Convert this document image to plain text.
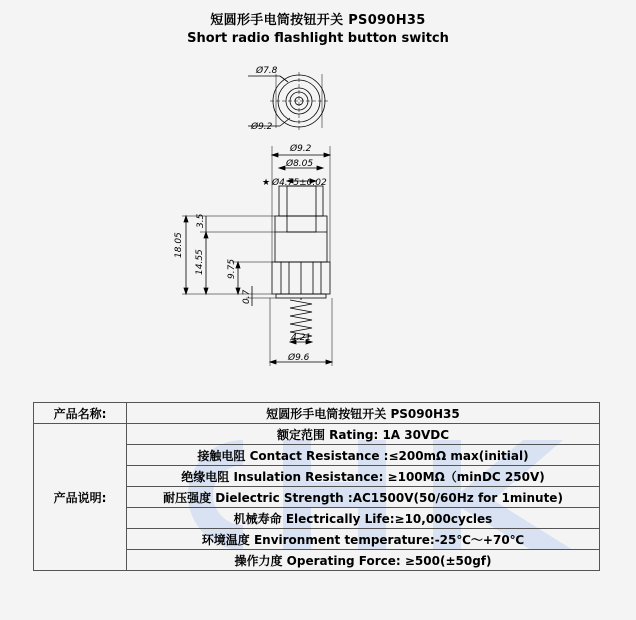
短圆形手电筒按钮开关 PS090H35
Short radio flashlight button switch
Ø7.8
Ø9.2
Ø9.2
Ø8.05
★ Ø4.75±0.02
18.05
3.5
14.55 9.75
0.7
4.21
Ø9.6
产品名称:	短圆形手电筒按钮开关 PS090H35
产品说明:	额定范围 Rating: 1A 30VDC
	接触电阻 Contact Resistance :≤200mΩ max(initial)
	绝缘电阻 Insulation Resistance: ≥100MΩ（minDC 250V)
	耐压强度 Dielectric Strength :AC1500V(50/60Hz for 1minute)
	机械寿命 Electrically Life:≥10,000cycles
	环境温度 Environment temperature:-25℃～+70℃
	操作力度 Operating Force: ≥500(±50gf)
